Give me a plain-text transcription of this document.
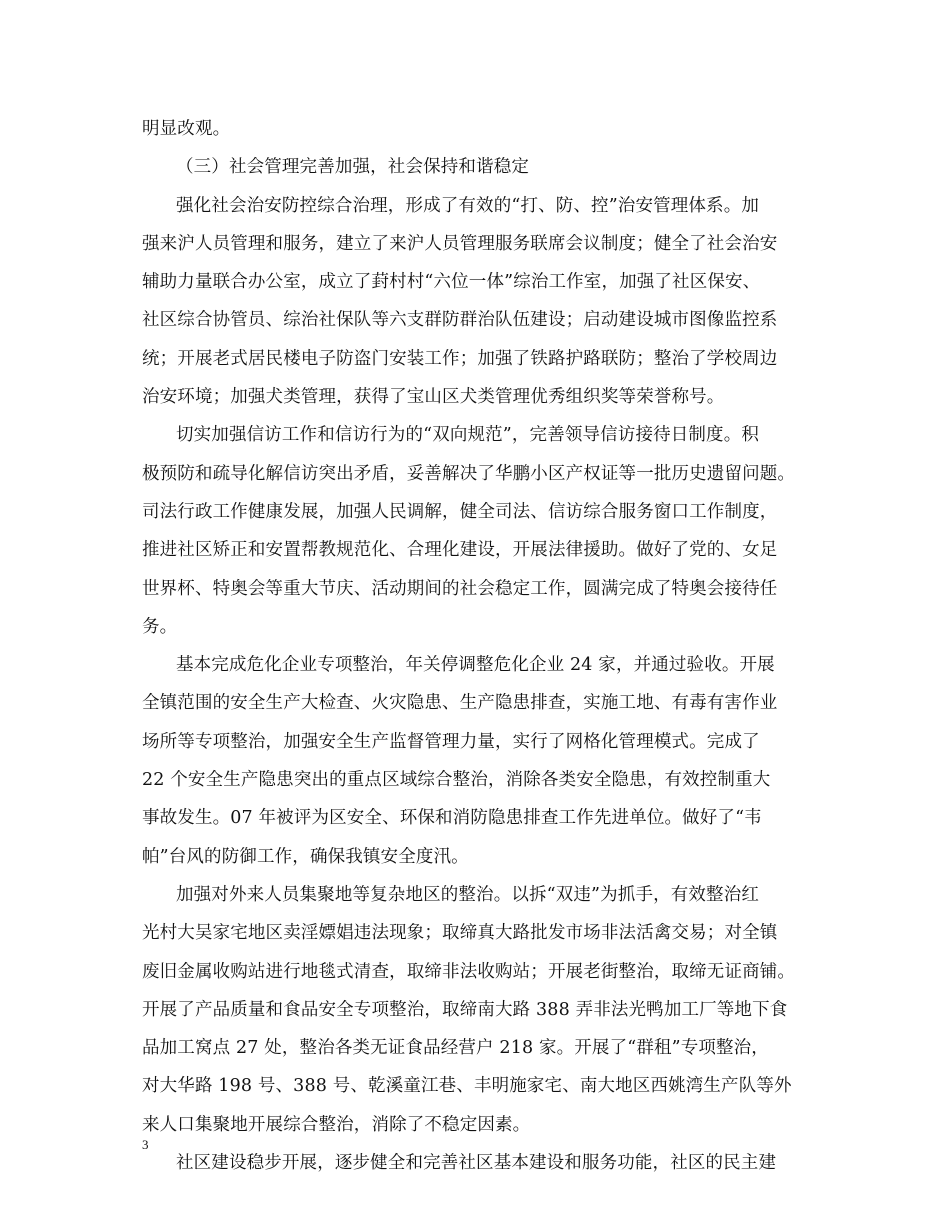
明显改观。
（三）社会管理完善加强，社会保持和谐稳定
强化社会治安防控综合治理，形成了有效的“打、防、控”治安管理体系。加
强来沪人员管理和服务，建立了来沪人员管理服务联席会议制度；健全了社会治安
辅助力量联合办公室，成立了葑村村“六位一体”综治工作室，加强了社区保安、
社区综合协管员、综治社保队等六支群防群治队伍建设；启动建设城市图像监控系
统；开展老式居民楼电子防盗门安装工作；加强了铁路护路联防；整治了学校周边
治安环境；加强犬类管理，获得了宝山区犬类管理优秀组织奖等荣誉称号。
切实加强信访工作和信访行为的“双向规范”，完善领导信访接待日制度。积
极预防和疏导化解信访突出矛盾，妥善解决了华鹏小区产权证等一批历史遗留问题。
司法行政工作健康发展，加强人民调解，健全司法、信访综合服务窗口工作制度，
推进社区矫正和安置帮教规范化、合理化建设，开展法律援助。做好了党的、女足
世界杯、特奥会等重大节庆、活动期间的社会稳定工作，圆满完成了特奥会接待任
务。
基本完成危化企业专项整治，年关停调整危化企业 24 家，并通过验收。开展
全镇范围的安全生产大检查、火灾隐患、生产隐患排查，实施工地、有毒有害作业
场所等专项整治，加强安全生产监督管理力量，实行了网格化管理模式。完成了
22 个安全生产隐患突出的重点区域综合整治，消除各类安全隐患，有效控制重大
事故发生。07 年被评为区安全、环保和消防隐患排查工作先进单位。做好了“韦
帕”台风的防御工作，确保我镇安全度汛。
加强对外来人员集聚地等复杂地区的整治。以拆“双违”为抓手，有效整治红
光村大吴家宅地区卖淫嫖娼违法现象；取缔真大路批发市场非法活禽交易；对全镇
废旧金属收购站进行地毯式清查，取缔非法收购站；开展老街整治，取缔无证商铺。
开展了产品质量和食品安全专项整治，取缔南大路 388 弄非法光鸭加工厂等地下食
品加工窝点 27 处，整治各类无证食品经营户 218 家。开展了“群租”专项整治，
对大华路 198 号、388 号、乾溪童江巷、丰明施家宅、南大地区西姚湾生产队等外
来人口集聚地开展综合整治，消除了不稳定因素。
社区建设稳步开展，逐步健全和完善社区基本建设和服务功能，社区的民主建
3
